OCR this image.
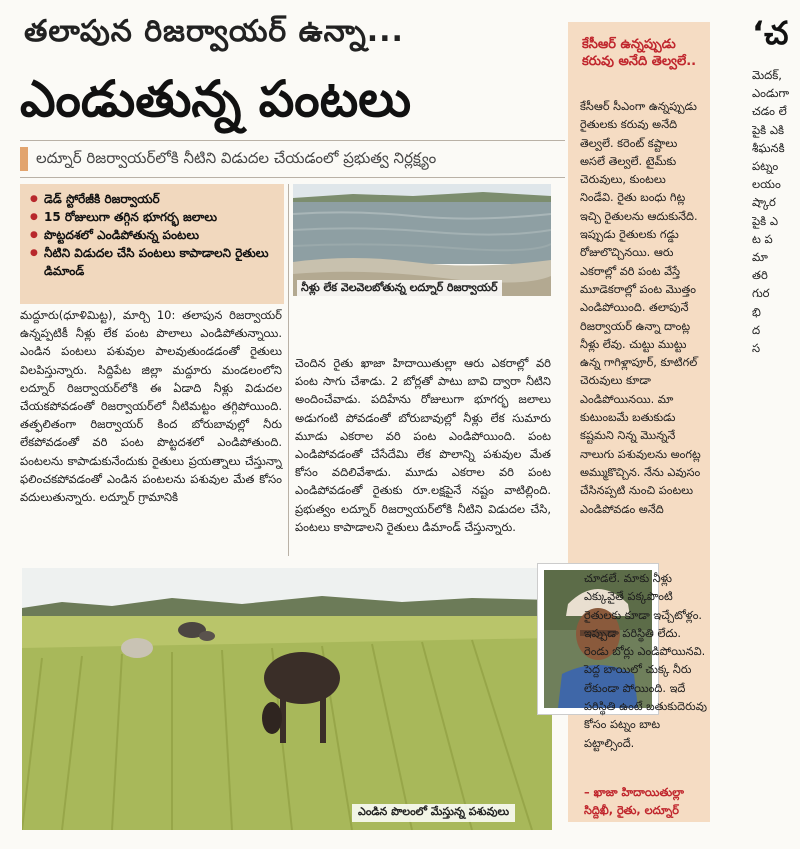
తలాపున రిజర్వాయర్ ఉన్నా...
ఎండుతున్న పంటలు
లద్నూర్ రిజర్వాయర్‌లోకి నీటిని విడుదల చేయడంలో ప్రభుత్వ నిర్లక్ష్యం
● డెడ్ స్టోరేజీకి రిజర్వాయర్
● 15 రోజులుగా తగ్గిన భూగర్భ జలాలు
● పొట్టదశలో ఎండిపోతున్న పంటలు
● నీటిని విడుదల చేసి పంటలు కాపాడాలని రైతులు డిమాండ్
నీళ్లు లేక వెలవెలబోతున్న లద్నూర్ రిజర్వాయర్
మద్దూరు(ధూళిమిట్ట), మార్చి 10: తలాపున రిజర్వాయర్ ఉన్నప్పటికీ నీళ్లు లేక పంట పొలాలు ఎండిపోతున్నాయి. ఎండిన పంటలు పశువుల పాలవుతుండడంతో రైతులు విలపిస్తున్నారు. సిద్దిపేట జిల్లా మద్దూరు మండలంలోని లద్నూర్ రిజర్వాయర్‌లోకి ఈ ఏడాది నీళ్లు విడుదల చేయకపోవడంతో రిజర్వాయర్‌లో నీటిమట్టం తగ్గిపోయింది. తత్ఫలితంగా రిజర్వాయర్ కింద బోరుబావుల్లో నీరు లేకపోవడంతో వరి పంట పొట్టదశలో ఎండిపోతుంది. పంటలను కాపాడుకునేందుకు రైతులు ప్రయత్నాలు చేస్తున్నా ఫలించకపోవడంతో ఎండిన పంటలను పశువుల మేత కోసం వదులుతున్నారు. లద్నూర్ గ్రామానికి
చెందిన రైతు ఖాజా హిదాయితుల్లా ఆరు ఎకరాల్లో వరి పంట సాగు చేశాడు. 2 బోర్లతో పాటు బావి ద్వారా నీటిని అందించేవాడు. పదిహేను రోజులుగా భూగర్భ జలాలు అడుగంటి పోవడంతో బోరుబావుల్లో నీళ్లు లేక సుమారు మూడు ఎకరాల వరి పంట ఎండిపోయింది. పంట ఎండిపోవడంతో చేసేదేమి లేక పొలాన్ని పశువుల మేత కోసం వదిలివేశాడు. మూడు ఎకరాల వరి పంట ఎండిపోవడంతో రైతుకు రూ.లక్షపైనే నష్టం వాటిల్లింది. ప్రభుత్వం లద్నూర్ రిజర్వాయర్‌లోకి నీటిని విడుదల చేసి, పంటలు కాపాడాలని రైతులు డిమాండ్ చేస్తున్నారు.
ఎండిన పొలంలో మేస్తున్న పశువులు
కేసీఆర్ ఉన్నప్పుడు కరువు అనేది తెల్వలే..
కేసీఆర్ సీఎంగా ఉన్నప్పుడు రైతులకు కరువు అనేది తెల్వలే. కరెంట్ కష్టాలు అసలే తెల్వలే. టైమ్‌కు చెరువులు, కుంటలు నిండేవి. రైతు బంధు గిట్ల ఇచ్చి రైతులను ఆదుకునేది. ఇప్పుడు రైతులకు గడ్డు రోజులొచ్చినయి. ఆరు ఎకరాల్లో వరి పంట వేస్తే మూడెకరాల్లో పంట మొత్తం ఎండిపోయింది. తలాపునే రిజర్వాయర్ ఉన్నా దాంట్ల నీళ్లు లేవు. చుట్టు ముట్టు ఉన్న గాగిళ్లాపూర్, కూటిగల్ చెరువులు కూడా ఎండిపోయినయి. మా కుటుంబమే బతుకుడు కష్టమని నిన్న మొన్ననే నాలుగు పశువులను అంగట్ల అమ్ముకొచ్చిన. నేను ఎవుసం చేసినప్పటి నుంచి పంటలు ఎండిపోవడం అనేది
చూడలే. మాకు నీళ్లు ఎక్కువైతే పక్కపొంటి రైతులకు కూడా ఇచ్చేటోళ్లం. ఇప్పుడా పరిస్థితి లేదు. రెండు బోర్లు ఎండిపోయినవి. పెద్ద బాయిలో చుక్క నీరు లేకుండా పోయింది. ఇదే పరిస్థితి ఉంటే బతుకుదెరువు కోసం పట్నం బాట పట్టాల్సిందే.
– ఖాజా హిదాయితుల్లా సిద్దిఖీ, రైతు, లద్నూర్
‘చ
మెదక్,
ఎండుగా
చడం లే
పైకి ఎకి
శీఘనకి
పట్నం
లయం
ష్కార
పైకి ఎ
ట ప
మా
తరి
గుర
భి
ద
స
